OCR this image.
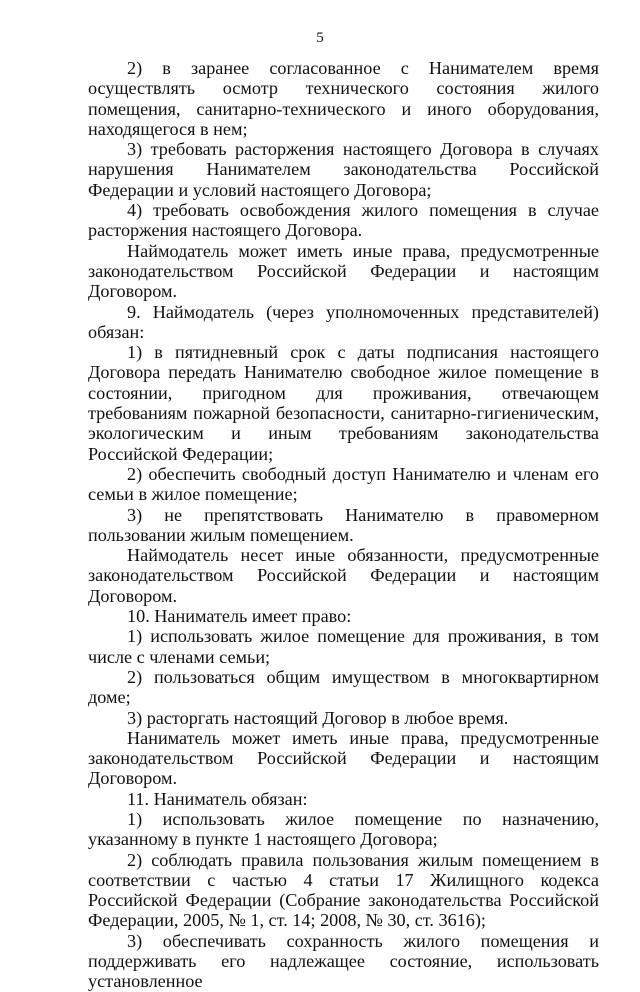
5

2) в заранее согласованное с Нанимателем время осуществлять осмотр технического состояния жилого помещения, санитарно-технического и иного оборудования, находящегося в нем;

3) требовать расторжения настоящего Договора в случаях нарушения Нанимателем законодательства Российской Федерации и условий настоящего Договора;

4) требовать освобождения жилого помещения в случае расторжения настоящего Договора.

Наймодатель может иметь иные права, предусмотренные законодательством Российской Федерации и настоящим Договором.

9. Наймодатель (через уполномоченных представителей) обязан:

1) в пятидневный срок с даты подписания настоящего Договора передать Нанимателю свободное жилое помещение в состоянии, пригодном для проживания, отвечающем требованиям пожарной безопасности, санитарно-гигиеническим, экологическим и иным требованиям законодательства Российской Федерации;

2) обеспечить свободный доступ Нанимателю и членам его семьи в жилое помещение;

3) не препятствовать Нанимателю в правомерном пользовании жилым помещением.

Наймодатель несет иные обязанности, предусмотренные законодательством Российской Федерации и настоящим Договором.

10. Наниматель имеет право:

1) использовать жилое помещение для проживания, в том числе с членами семьи;

2) пользоваться общим имуществом в многоквартирном доме;

3) расторгать настоящий Договор в любое время.

Наниматель может иметь иные права, предусмотренные законодательством Российской Федерации и настоящим Договором.

11. Наниматель обязан:

1) использовать жилое помещение по назначению, указанному в пункте 1 настоящего Договора;

2) соблюдать правила пользования жилым помещением в соответствии с частью 4 статьи 17 Жилищного кодекса Российской Федерации (Собрание законодательства Российской Федерации, 2005, № 1, ст. 14; 2008, № 30, ст. 3616);

3) обеспечивать сохранность жилого помещения и поддерживать его надлежащее состояние, использовать установленное
